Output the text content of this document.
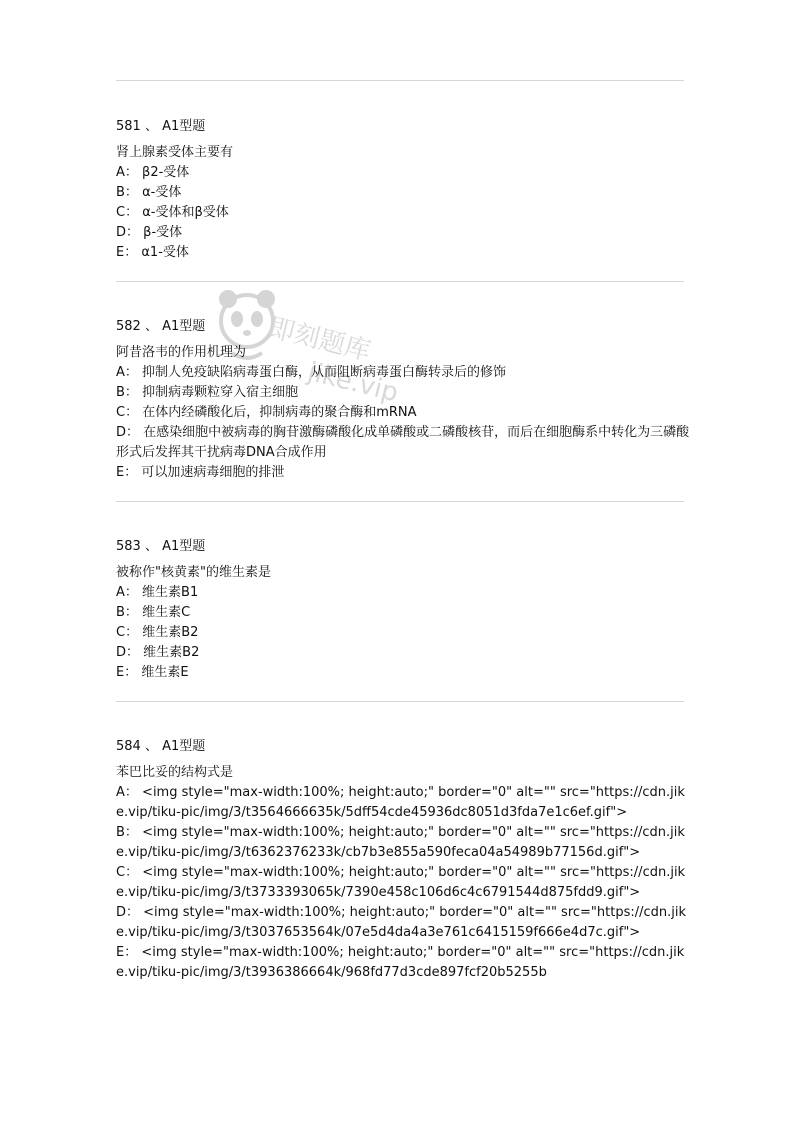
即刻题库
jike.vip
581 、 A1型题
肾上腺素受体主要有
A： β2-受体
B： α-受体
C： α-受体和β受体
D： β-受体
E： α1-受体
582 、 A1型题
阿昔洛韦的作用机理为
A： 抑制人免疫缺陷病毒蛋白酶，从而阻断病毒蛋白酶转录后的修饰
B： 抑制病毒颗粒穿入宿主细胞
C： 在体内经磷酸化后，抑制病毒的聚合酶和mRNA
D： 在感染细胞中被病毒的胸苷激酶磷酸化成单磷酸或二磷酸核苷，而后在细胞酶系中转化为三磷酸形式后发挥其干扰病毒DNA合成作用
E： 可以加速病毒细胞的排泄
583 、 A1型题
被称作"核黄素"的维生素是
A： 维生素B1
B： 维生素C
C： 维生素B2
D： 维生素B2
E： 维生素E
584 、 A1型题
苯巴比妥的结构式是
A： <img style="max-width:100%; height:auto;" border="0" alt="" src="https://cdn.jike.vip/tiku-pic/img/3/t3564666635k/5dff54cde45936dc8051d3fda7e1c6ef.gif">
B： <img style="max-width:100%; height:auto;" border="0" alt="" src="https://cdn.jike.vip/tiku-pic/img/3/t6362376233k/cb7b3e855a590feca04a54989b77156d.gif">
C： <img style="max-width:100%; height:auto;" border="0" alt="" src="https://cdn.jike.vip/tiku-pic/img/3/t3733393065k/7390e458c106d6c4c6791544d875fdd9.gif">
D： <img style="max-width:100%; height:auto;" border="0" alt="" src="https://cdn.jike.vip/tiku-pic/img/3/t3037653564k/07e5d4da4a3e761c6415159f666e4d7c.gif">
E： <img style="max-width:100%; height:auto;" border="0" alt="" src="https://cdn.jike.vip/tiku-pic/img/3/t3936386664k/968fd77d3cde897fcf20b5255b
